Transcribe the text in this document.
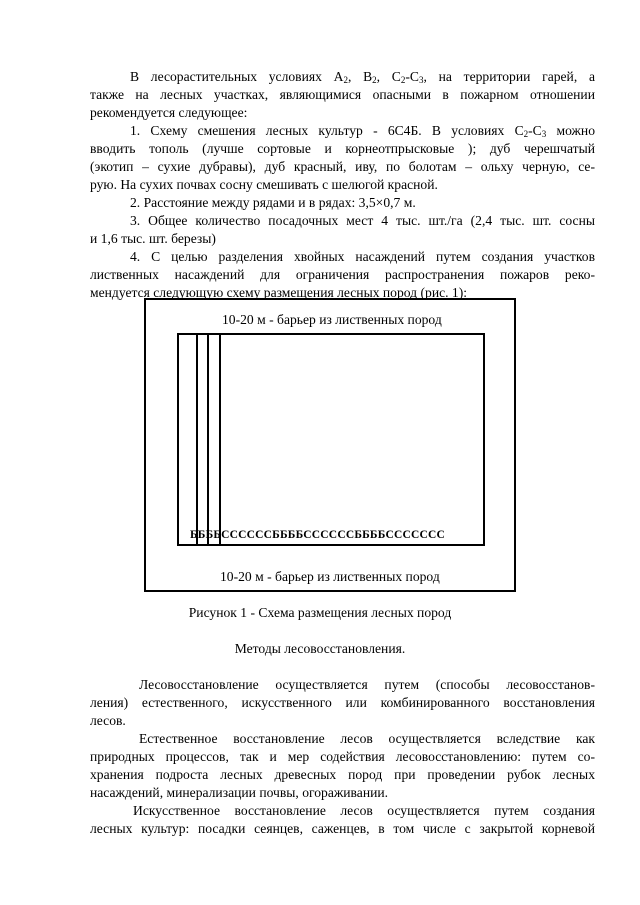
В лесорастительных условиях $А_2$, $В_2$, $С_2-С_3$, на территории гарей, а
также на лесных участках, являющимися опасными в пожарном отношении
рекомендуется следующее:
1. Схему смешения лесных культур - 6С4Б. В условиях $С_2-С_3$ можно
вводить тополь (лучше сортовые и корнеотпрысковые ); дуб черешчатый
(экотип – сухие дубравы), дуб красный, иву, по болотам – ольху черную, се-
рую. На сухих почвах сосну смешивать с шелюгой красной.
2. Расстояние между рядами и в рядах: 3,5×0,7 м.
3. Общее количество посадочных мест 4 тыс. шт./га (2,4 тыс. шт. сосны
и 1,6 тыс. шт. березы)
4. С целью разделения хвойных насаждений путем создания участков
лиственных насаждений для ограничения распространения пожаров реко-
мендуется следующую схему размещения лесных пород (рис. 1):
10-20 м - барьер из лиственных пород
ББББССССССББББССССССББББССССССС
10-20 м - барьер из лиственных пород
Рисунок 1 - Схема размещения лесных пород
Методы лесовосстановления.
Лесовосстановление осуществляется путем (способы лесовосстанов-
ления) естественного, искусственного или комбинированного восстановления
лесов.
Естественное восстановление лесов осуществляется вследствие как
природных процессов, так и мер содействия лесовосстановлению: путем со-
хранения подроста лесных древесных пород при проведении рубок лесных
насаждений, минерализации почвы, огораживании.
Искусственное восстановление лесов осуществляется путем создания
лесных культур: посадки сеянцев, саженцев, в том числе с закрытой корневой
